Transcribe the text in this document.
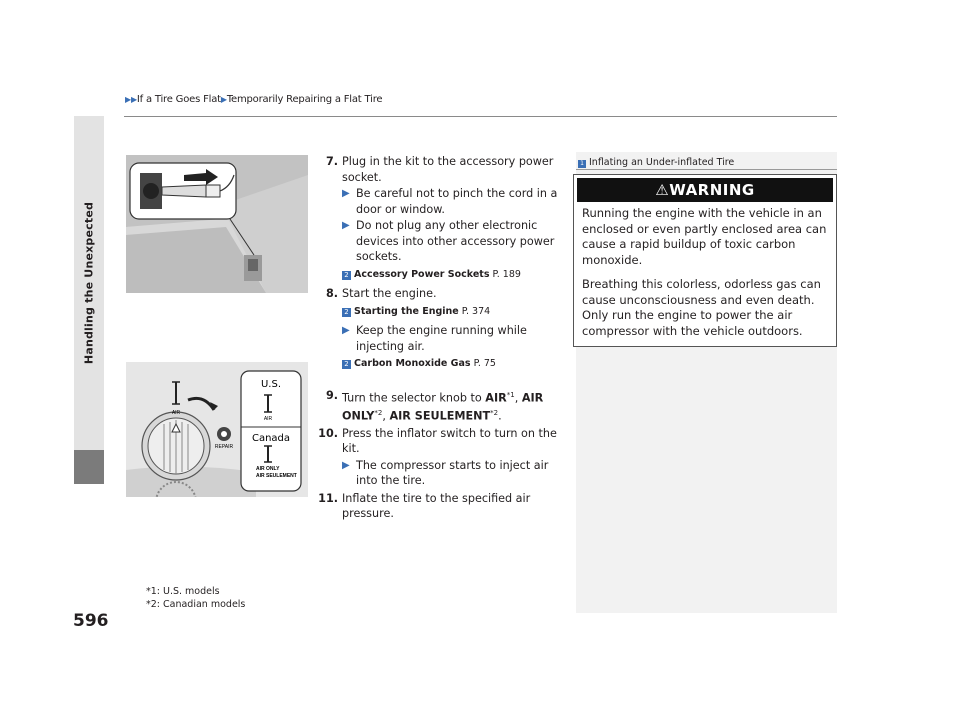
▶▶If a Tire Goes Flat▶Temporarily Repairing a Flat Tire
Handling the Unexpected
596
AIR
REPAIR
U.S.
AIR
Canada
AIR ONLY
AIR SEULEMENT
7. Plug in the kit to the accessory power socket.
▶ Be careful not to pinch the cord in a door or window.
▶ Do not plug any other electronic devices into other accessory power sockets.
2 Accessory Power Sockets P. 189
8. Start the engine.
2 Starting the Engine P. 374
▶ Keep the engine running while injecting air.
2 Carbon Monoxide Gas P. 75
9. Turn the selector knob to AIR$^{*1}$, AIR ONLY$^{*2}$, AIR SEULEMENT$^{*2}$.
10. Press the inflator switch to turn on the kit.
▶ The compressor starts to inject air into the tire.
11. Inflate the tire to the specified air pressure.
*1: U.S. models
*2: Canadian models
1 Inflating an Under-inflated Tire
⚠WARNING

Running the engine with the vehicle in an enclosed or even partly enclosed area can cause a rapid buildup of toxic carbon monoxide.

Breathing this colorless, odorless gas can cause unconsciousness and even death. Only run the engine to power the air compressor with the vehicle outdoors.
